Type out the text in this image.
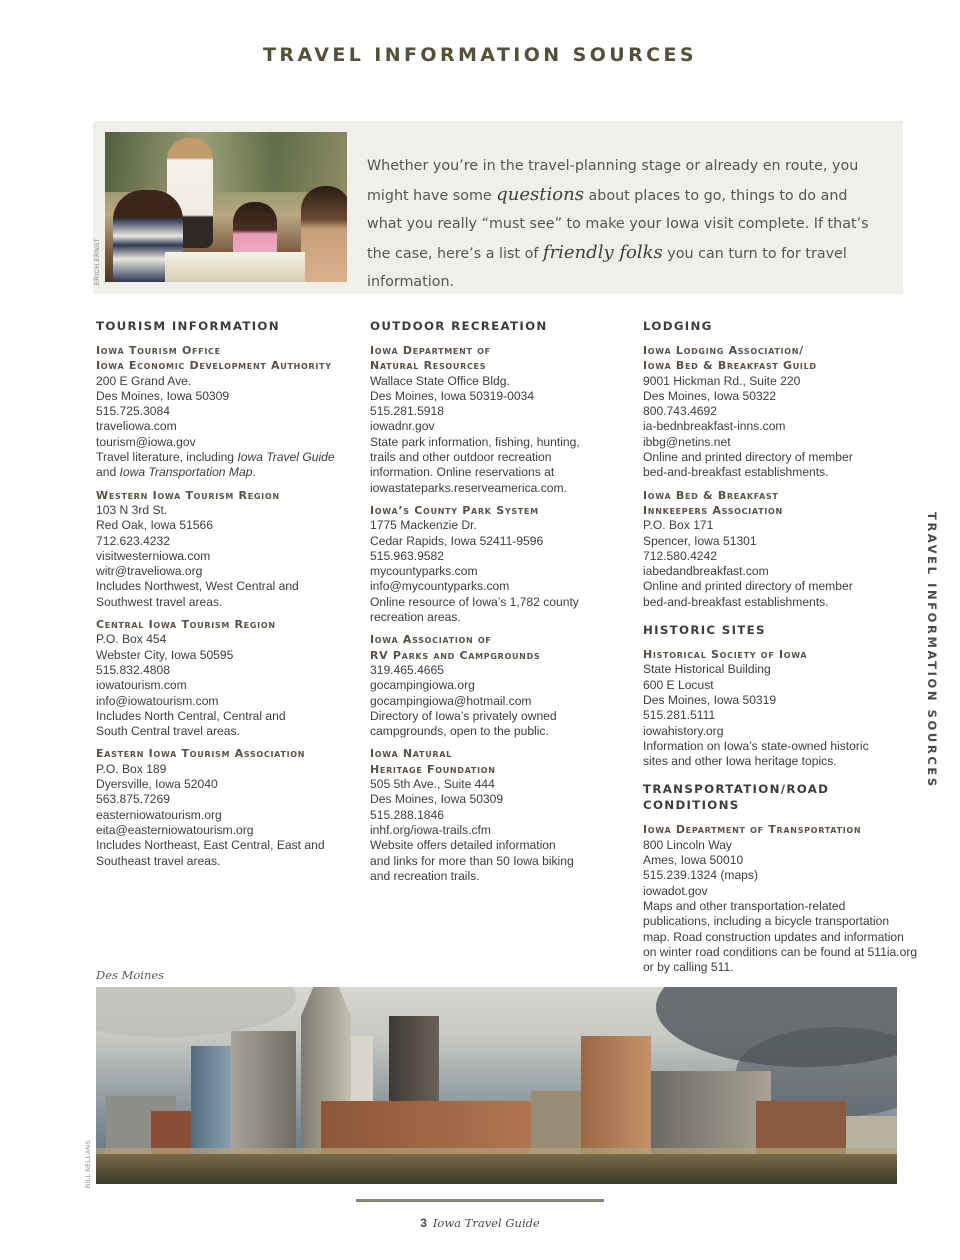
TRAVEL INFORMATION SOURCES
TRAVEL INFORMATION SOURCES
Whether you’re in the travel-planning stage or already en route, you might have some questions about places to go, things to do and what you really “must see” to make your Iowa visit complete. If that’s the case, here’s a list of friendly folks you can turn to for travel information.
ERICH ERNST
TOURISM INFORMATION
Iowa Tourism Office
Iowa Economic Development Authority
200 E Grand Ave.
Des Moines, Iowa 50309
515.725.3084
traveliowa.com
tourism@iowa.gov
Travel literature, including Iowa Travel Guide
and Iowa Transportation Map.
Western Iowa Tourism Region
103 N 3rd St.
Red Oak, Iowa 51566
712.623.4232
visitwesterniowa.com
witr@traveliowa.org
Includes Northwest, West Central and
Southwest travel areas.
Central Iowa Tourism Region
P.O. Box 454
Webster City, Iowa 50595
515.832.4808
iowatourism.com
info@iowatourism.com
Includes North Central, Central and
South Central travel areas.
Eastern Iowa Tourism Association
P.O. Box 189
Dyersville, Iowa 52040
563.875.7269
easterniowatourism.org
eita@easterniowatourism.org
Includes Northeast, East Central, East and
Southeast travel areas.
OUTDOOR RECREATION
Iowa Department of
Natural Resources
Wallace State Office Bldg.
Des Moines, Iowa 50319-0034
515.281.5918
iowadnr.gov
State park information, fishing, hunting,
trails and other outdoor recreation
information. Online reservations at
iowastateparks.reserveamerica.com.
Iowa’s County Park System
1775 Mackenzie Dr.
Cedar Rapids, Iowa 52411-9596
515.963.9582
mycountyparks.com
info@mycountyparks.com
Online resource of Iowa’s 1,782 county
recreation areas.
Iowa Association of
RV Parks and Campgrounds
319.465.4665
gocampingiowa.org
gocampingiowa@hotmail.com
Directory of Iowa’s privately owned
campgrounds, open to the public.
Iowa Natural
Heritage Foundation
505 5th Ave., Suite 444
Des Moines, Iowa 50309
515.288.1846
inhf.org/iowa-trails.cfm
Website offers detailed information
and links for more than 50 Iowa biking
and recreation trails.
LODGING
Iowa Lodging Association/
Iowa Bed & Breakfast Guild
9001 Hickman Rd., Suite 220
Des Moines, Iowa 50322
800.743.4692
ia-bednbreakfast-inns.com
ibbg@netins.net
Online and printed directory of member
bed-and-breakfast establishments.
Iowa Bed & Breakfast
Innkeepers Association
P.O. Box 171
Spencer, Iowa 51301
712.580.4242
iabedandbreakfast.com
Online and printed directory of member
bed-and-breakfast establishments.
HISTORIC SITES
Historical Society of Iowa
State Historical Building
600 E Locust
Des Moines, Iowa 50319
515.281.5111
iowahistory.org
Information on Iowa’s state-owned historic
sites and other Iowa heritage topics.
TRANSPORTATION/ROAD CONDITIONS
Iowa Department of Transportation
800 Lincoln Way
Ames, Iowa 50010
515.239.1324 (maps)
iowadot.gov
Maps and other transportation-related
publications, including a bicycle transportation
map. Road construction updates and information
on winter road conditions can be found at 511ia.org
or by calling 511.
Des Moines
BILL NELLANS
3 Iowa Travel Guide
